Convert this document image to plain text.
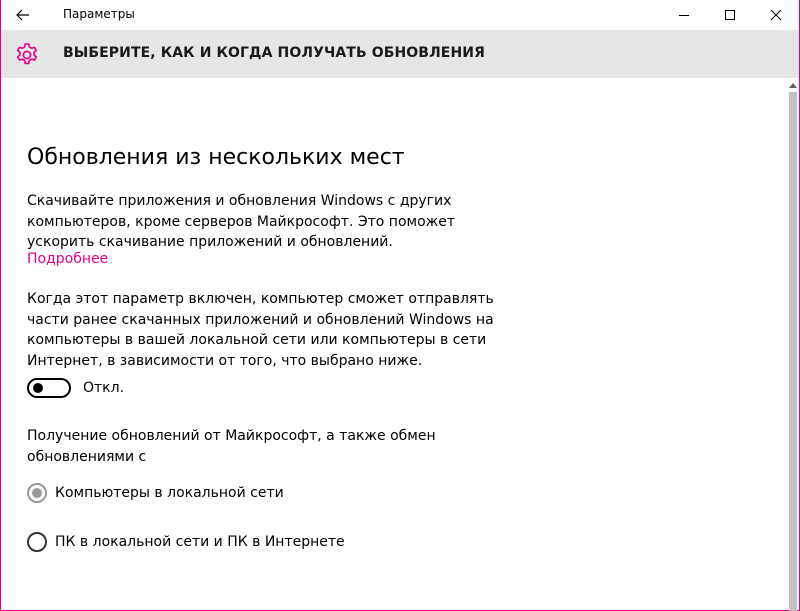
Параметры
ВЫБЕРИТЕ, КАК И КОГДА ПОЛУЧАТЬ ОБНОВЛЕНИЯ
Обновления из нескольких мест
Скачивайте приложения и обновления Windows с других компьютеров, кроме серверов Майкрософт. Это поможет ускорить скачивание приложений и обновлений.
Подробнее
Когда этот параметр включен, компьютер сможет отправлять части ранее скачанных приложений и обновлений Windows на компьютеры в вашей локальной сети или компьютеры в сети Интернет, в зависимости от того, что выбрано ниже.
Откл.
Получение обновлений от Майкрософт, а также обмен обновлениями с
Компьютеры в локальной сети
ПК в локальной сети и ПК в Интернете
